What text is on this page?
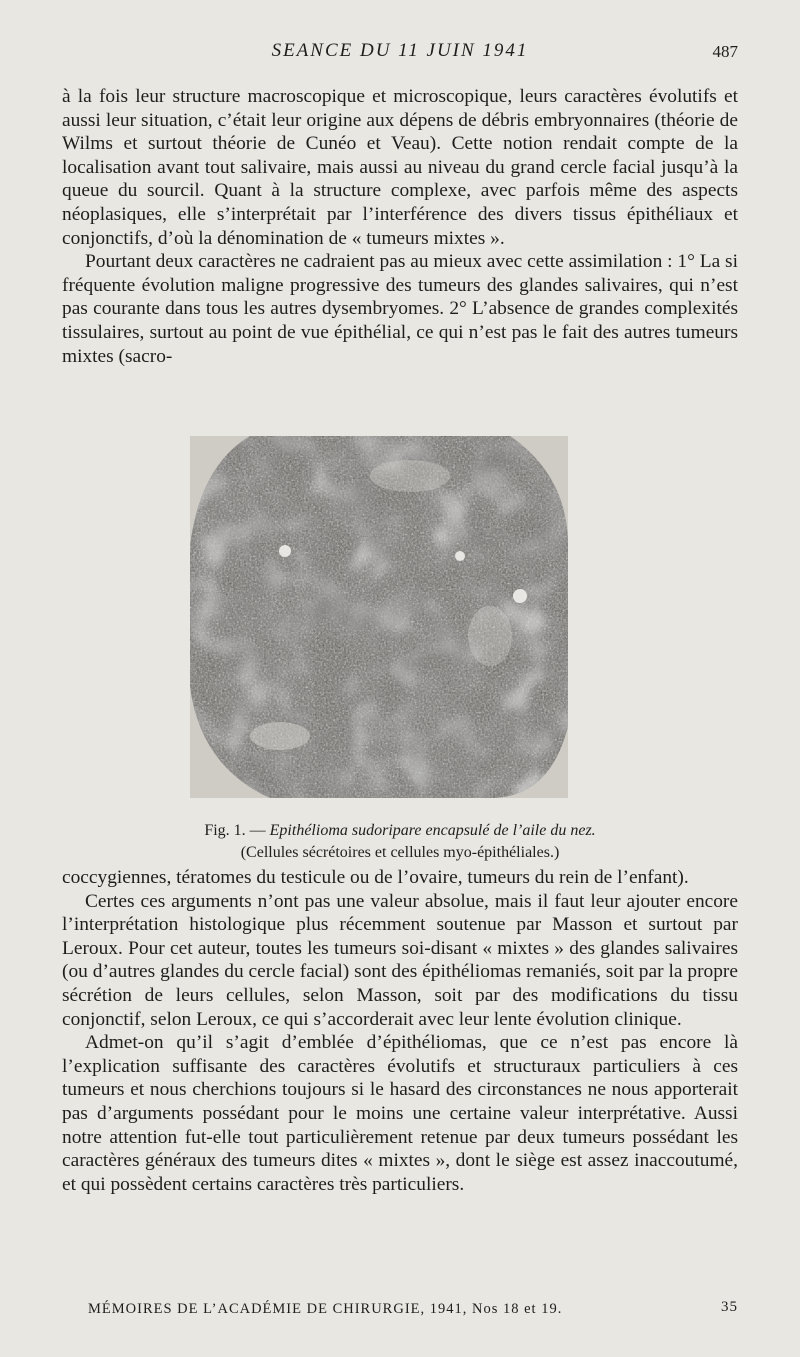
SEANCE DU 11 JUIN 1941	487

à la fois leur structure macroscopique et microscopique, leurs caractères évolutifs et aussi leur situation, c’était leur origine aux dépens de débris embryonnaires (théorie de Wilms et surtout théorie de Cunéo et Veau). Cette notion rendait compte de la localisation avant tout salivaire, mais aussi au niveau du grand cercle facial jusqu’à la queue du sourcil. Quant à la structure complexe, avec parfois même des aspects néoplasiques, elle s’interprétait par l’interférence des divers tissus épithéliaux et conjonctifs, d’où la dénomination de « tumeurs mixtes ».

Pourtant deux caractères ne cadraient pas au mieux avec cette assimilation : 1° La si fréquente évolution maligne progressive des tumeurs des glandes salivaires, qui n’est pas courante dans tous les autres dysembryomes. 2° L’absence de grandes complexités tissulaires, surtout au point de vue épithélial, ce qui n’est pas le fait des autres tumeurs mixtes (sacro-

Fig. 1. — Epithélioma sudoripare encapsulé de l’aile du nez.
(Cellules sécrétoires et cellules myo-épithéliales.)

coccygiennes, tératomes du testicule ou de l’ovaire, tumeurs du rein de l’enfant).

Certes ces arguments n’ont pas une valeur absolue, mais il faut leur ajouter encore l’interprétation histologique plus récemment soutenue par Masson et surtout par Leroux. Pour cet auteur, toutes les tumeurs soi-disant « mixtes » des glandes salivaires (ou d’autres glandes du cercle facial) sont des épithéliomas remaniés, soit par la propre sécrétion de leurs cellules, selon Masson, soit par des modifications du tissu conjonctif, selon Leroux, ce qui s’accorderait avec leur lente évolution clinique.

Admet-on qu’il s’agit d’emblée d’épithéliomas, que ce n’est pas encore là l’explication suffisante des caractères évolutifs et structuraux particuliers à ces tumeurs et nous cherchions toujours si le hasard des circonstances ne nous apporterait pas d’arguments possédant pour le moins une certaine valeur interprétative. Aussi notre attention fut-elle tout particulièrement retenue par deux tumeurs possédant les caractères généraux des tumeurs dites « mixtes », dont le siège est assez inaccoutumé, et qui possèdent certains caractères très particuliers.

MÉMOIRES DE L’ACADÉMIE DE CHIRURGIE, 1941, Nos 18 et 19.	35
